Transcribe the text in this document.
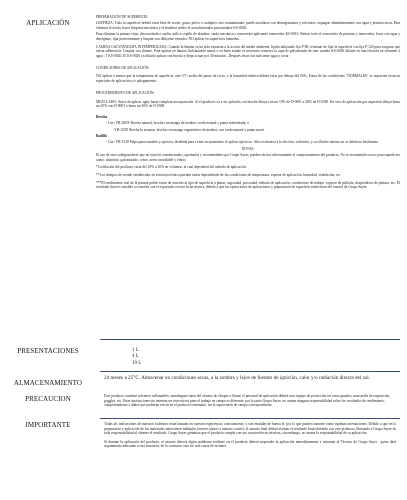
APLICACIÓN
PRESENTACIONES
ALMACENAMIENTO
PRECAUCION
IMPORTANTE

PREPARACIÓN DE SUPERFICIE:

LIMPIEZA: Toda la superficie deberá estar libre de aceite, grasa, polvo o cualquier otro contaminante, puede auxiliarse con desengrasantes y solventes, enjuague abundantemente con agua y permita secar. Para eliminar el óxido, hacer limpieza mecánica y el finalizar utilice el acondicionador para metales KS-0020.

Para eliminar la pintura vieja, desconchada o suelta, utilice cepillo de alambre, carda mecánica o removedor aplicando removedor KS-0010. Retirar todo el removedor de pinturas y removedor, lavar con agua y detergente, lijar perfectamente y limpiar con diluyente extruder. NO aplicar en superficies húmedas.

LAMINA GALVANIZADA INTEMPERIZADA: Cuando la lámina ya ha sido expuesta a la acción del medio ambiente, lijarla utilizando lija P-80, terminar de lijar la superficie con lija P-120 para asegurar que exista adherencia. Limpiar con thinner. Para aplicar en lámina Galvanizada nueva o en buen estado es necesario remover la capa de galvanizado de zinc usando KS-0020 diluido en una relación en volumen 2 agua : 1 KS-0020. El KS-0020 ya diluido aplicar con brocha y dejar actuar por 30 minutos . Después lavar con suficiente agua y secar.

CONDICIONES DE APLICACIÓN:

NO aplicar a menos que la temperatura de superficie, esté 3°C arriba del punto de rocío, y la humedad relativa deberá estar por debajo del 85%. Fuera de las condiciones "NORMALES" se requieren técnicas especiales de aplicación y/o adiegamiento.

PROCEDIMIENTO DE APLICACIÓN:

MEZCLADO: Antes de aplicar, agite hasta completa incorporación. Si el producto va a ser aplicado con brocha diluya con un 10% de D-0001 a 20% de D-0300. En caso de aplicación por aspersión diluya hasta un 20% con D-0001 o hasta un 30% de D-0300.

Brocha

- Use: YB-200X Brocha natural, brocha con mango de madera, cerda natural y punta redondeada, ó

YB-150X Brocha la acanaar: brocha con mango ergonómico de madera, con cerda natural y punta suave.

Rodillo

- Use: YB-3130 Felpa para esmaltes y epóxica, diseñada para evitar escurrimiento al aplicar epóxicos. Alta resistencia a la fricción, solventes, y su cilindro interno no se deteriora fácilmente.

NOTAS:

El uso de otros adelgazadores que no sean los suministrados, aprobados y recomendados por Grupo Sayer, pueden afectar adversamente el comportamiento del producto. No se recomienda su uso para superficies como: aluminio, galvanizado, cobre, acero inoxidable y vidrio.

*La dilución del producto varía del 10% a 30% en volumen, la cual dependerá del método de aplicación.

**Los tiempos de secado establecidos en esta hoja técnica pueden variar dependiendo de las condiciones de temperatura, espesor de aplicación, humedad, ventilación, etc.

***El rendimiento real de la pintura podrá variar de acuerdo al tipo de superficie a pintar, rugosidad, porosidad, método de aplicación, condiciones de trabajo, espesor de película, desperdicios de pintura, etc. El resultado final es sensible a coincidir con el expresado en esta ficha técnica, debido a que las operaciones de aplicaciones y preparación de superficie están fuera del control de Grupo Sayer.

1 L
4 L
19 L
24 meses a 25°C. Almacenar en condiciones secas, a la sombra y lejos de fuentes de ignición, calor y/o radiación directa del sol.
Este producto contiene solventes inflamables, manténgase fuera del alcance de chispas o flama. el personal de aplicación deberá usar equipo de protección tal como guantes, mascarilla de respiración, goggles, etc. Estas instrucciones no intentan ser restrictivas pues el trabajo en campo es diferente, por lo tanto Grupo Sayer, no asume ninguna responsabilidad sobre los resultados de rendimiento, comportamiento o daños que pudieran existir en el producto terminado, sin la supervisión de campo correspondiente.

Todas las indicaciones de nuestros boletines están basadas en nuestra experiencia, conocimiento, y son emitidas de buena fe, por lo que pueden tomarse como óptimas orientaciones. Debido a que en la preparación y aplicación de los materiales intervienen múltiples factores ajenos a nuestro control, el usuario final deberá evaluar el resultado final obtenido con este producto, liberando a Grupo Sayer de toda responsabilidad al obtener el resultado. Grupo Sayer garantiza que el producto cumple con sus características técnicas, sin embargo, no asume la responsabilidad de su aplicación.

Si durante la aplicación del producto, el usuario detecta algún problema evidente en el producto deberá suspender la aplicación inmediatamente e informar al Técnico de Grupo Sayer , quien dará seguimiento adecuado a esta situación, de lo contrario, esto no será causa de reclamo.
